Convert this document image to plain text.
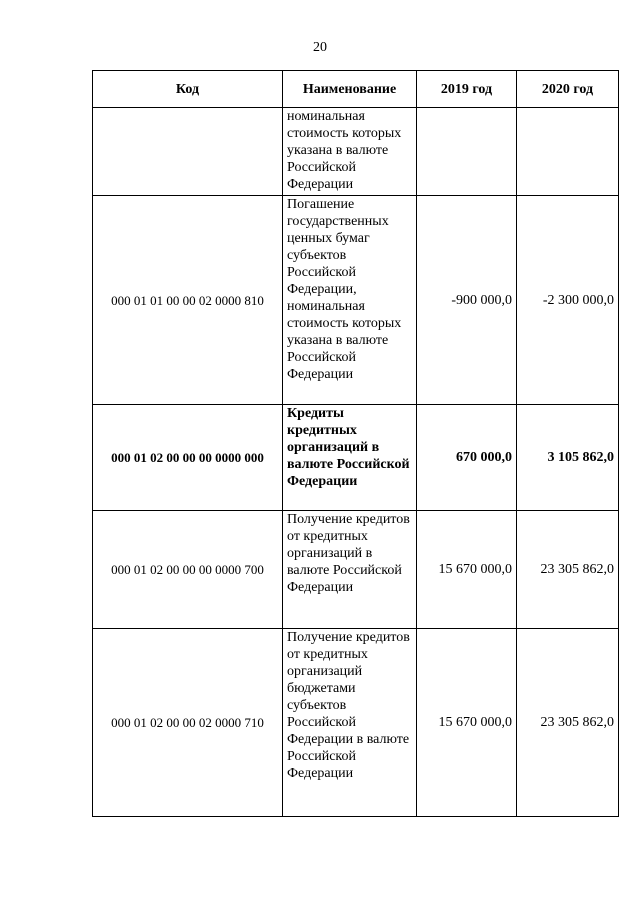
20
Код	Наименование	2019 год	2020 год
	номинальная стоимость которых указана в валюте Российской Федерации		
000 01 01 00 00 02 0000 810	Погашение государственных ценных бумаг субъектов Российской Федерации, номинальная стоимость которых указана в валюте Российской Федерации	-900 000,0	-2 300 000,0
000 01 02 00 00 00 0000 000	Кредиты кредитных организаций в валюте Российской Федерации	670 000,0	3 105 862,0
000 01 02 00 00 00 0000 700	Получение кредитов от кредитных организаций в валюте Российской Федерации	15 670 000,0	23 305 862,0
000 01 02 00 00 02 0000 710	Получение кредитов от кредитных организаций бюджетами субъектов Российской Федерации в валюте Российской Федерации	15 670 000,0	23 305 862,0
